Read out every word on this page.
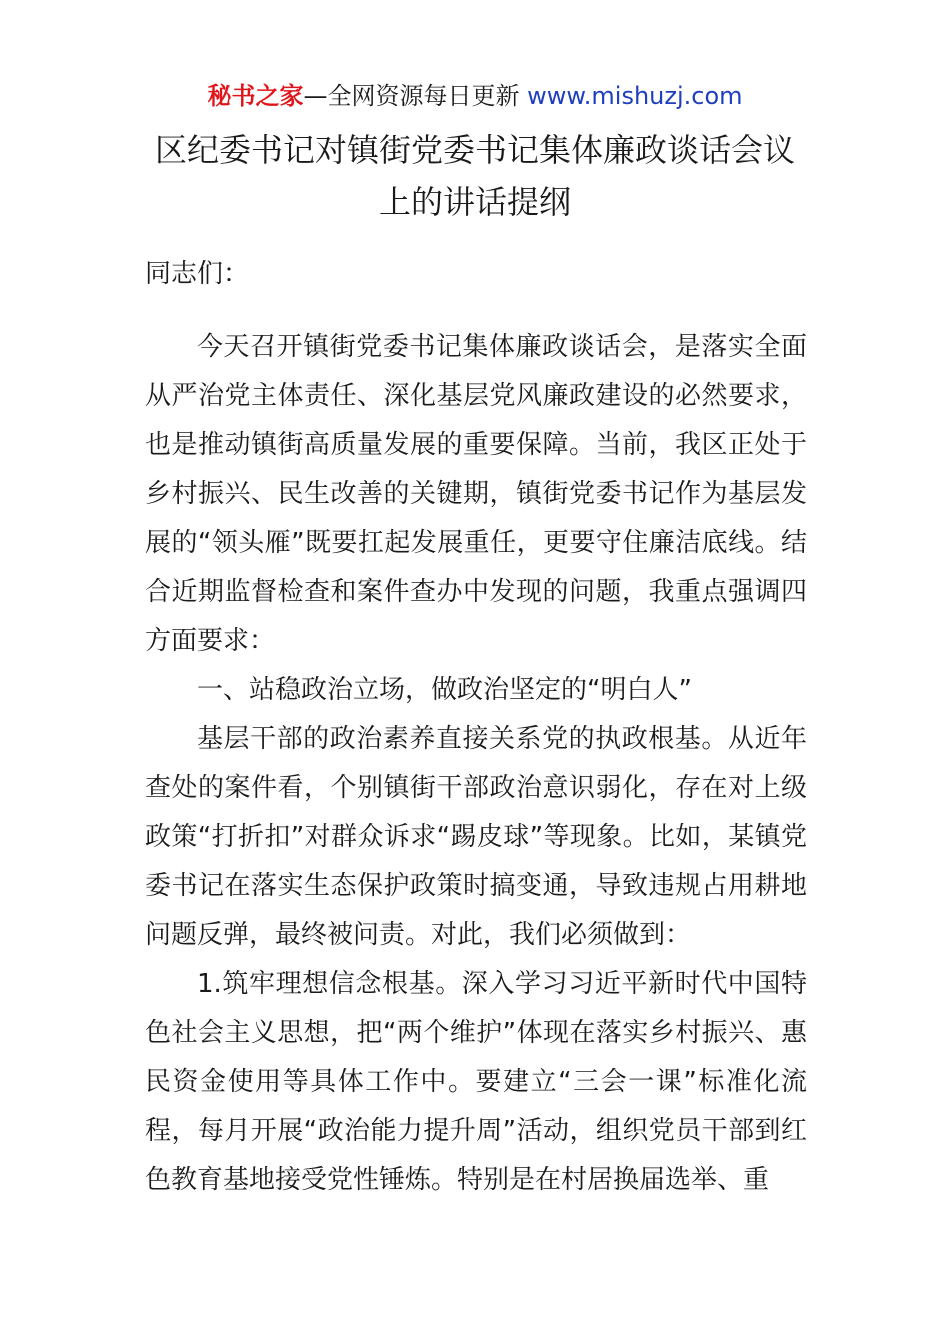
秘书之家—全网资源每日更新 www.mishuzj.com
区纪委书记对镇街党委书记集体廉政谈话会议
上的讲话提纲
同志们：

今天召开镇街党委书记集体廉政谈话会，是落实全面从严治党主体责任、深化基层党风廉政建设的必然要求，也是推动镇街高质量发展的重要保障。当前，我区正处于乡村振兴、民生改善的关键期，镇街党委书记作为基层发展的“领头雁”既要扛起发展重任，更要守住廉洁底线。结合近期监督检查和案件查办中发现的问题，我重点强调四方面要求：

一、站稳政治立场，做政治坚定的“明白人”

基层干部的政治素养直接关系党的执政根基。从近年查处的案件看，个别镇街干部政治意识弱化，存在对上级政策“打折扣”对群众诉求“踢皮球”等现象。比如，某镇党委书记在落实生态保护政策时搞变通，导致违规占用耕地问题反弹，最终被问责。对此，我们必须做到：

1.筑牢理想信念根基。深入学习习近平新时代中国特色社会主义思想，把“两个维护”体现在落实乡村振兴、惠民资金使用等具体工作中。要建立“三会一课”标准化流程，每月开展“政治能力提升周”活动，组织党员干部到红色教育基地接受党性锤炼。特别是在村居换届选举、重
